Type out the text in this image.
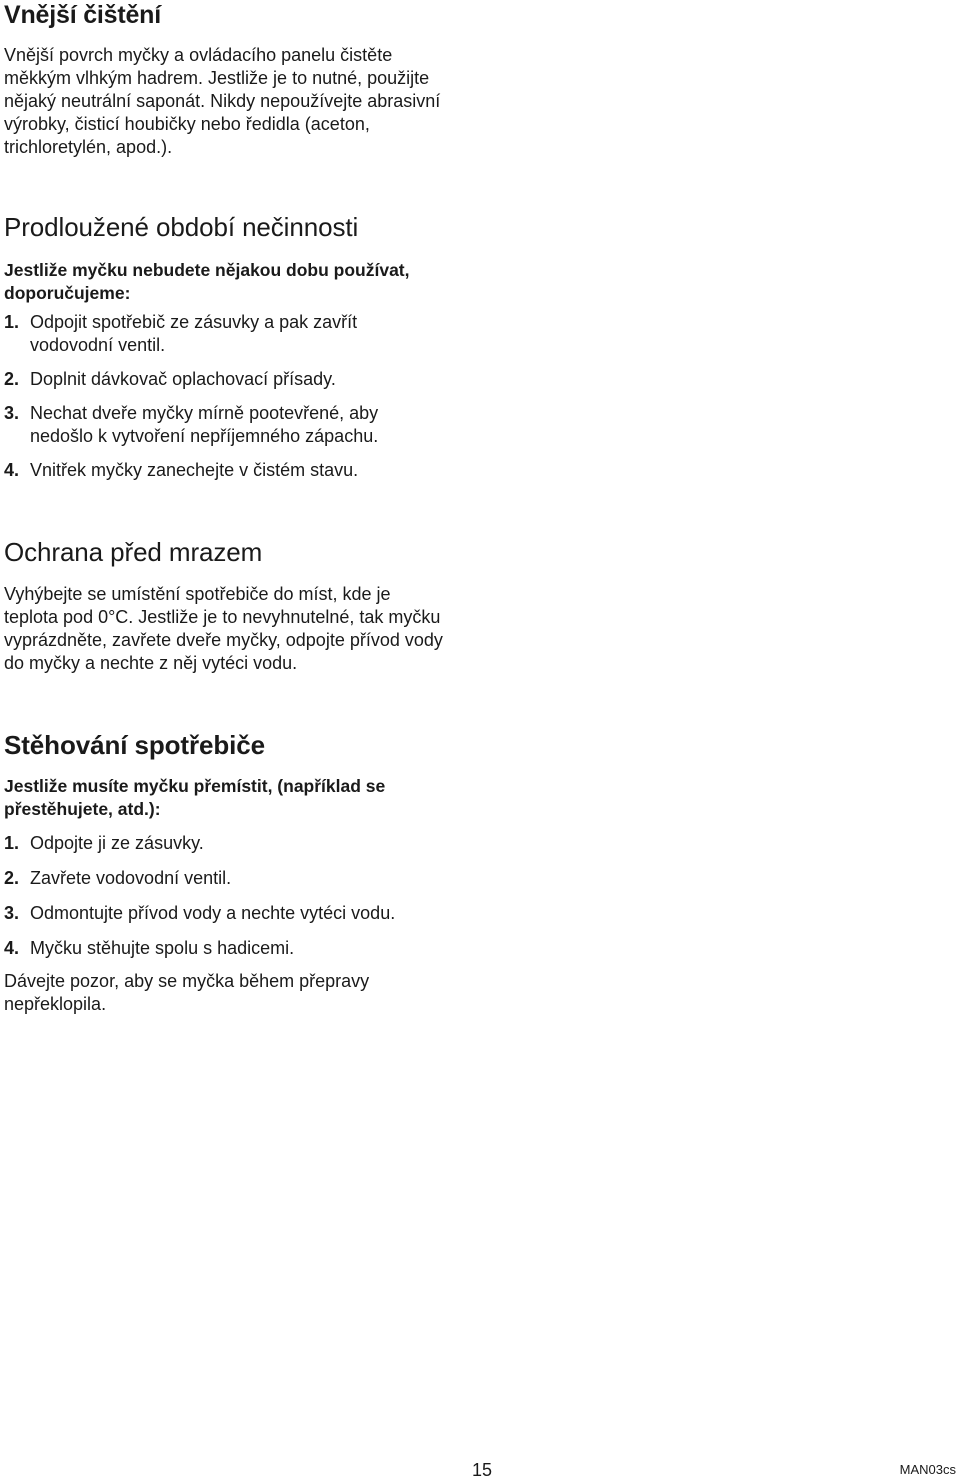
Vnější čištění

Vnější povrch myčky a ovládacího panelu čistěte měkkým vlhkým hadrem. Jestliže je to nutné, použijte nějaký neutrální saponát. Nikdy nepoužívejte abrasivní výrobky, čisticí houbičky nebo ředidla (aceton, trichloretylén, apod.).

Prodloužené období nečinnosti

Jestliže myčku nebudete nějakou dobu používat, doporučujeme:

1. Odpojit spotřebič ze zásuvky a pak zavřít vodovodní ventil.
2. Doplnit dávkovač oplachovací přísady.
3. Nechat dveře myčky mírně pootevřené, aby nedošlo k vytvoření nepříjemného zápachu.
4. Vnitřek myčky zanechejte v čistém stavu.
Ochrana před mrazem

Vyhýbejte se umístění spotřebiče do míst, kde je teplota pod 0°C. Jestliže je to nevyhnutelné, tak myčku vyprázdněte, zavřete dveře myčky, odpojte přívod vody do myčky a nechte z něj vytéci vodu.

Stěhování spotřebiče

Jestliže musíte myčku přemístit, (například se přestěhujete, atd.):

1. Odpojte ji ze zásuvky.
2. Zavřete vodovodní ventil.
3. Odmontujte přívod vody a nechte vytéci vodu.
4. Myčku stěhujte spolu s hadicemi.

Dávejte pozor, aby se myčka během přepravy nepřeklopila.

15	MAN03cs
